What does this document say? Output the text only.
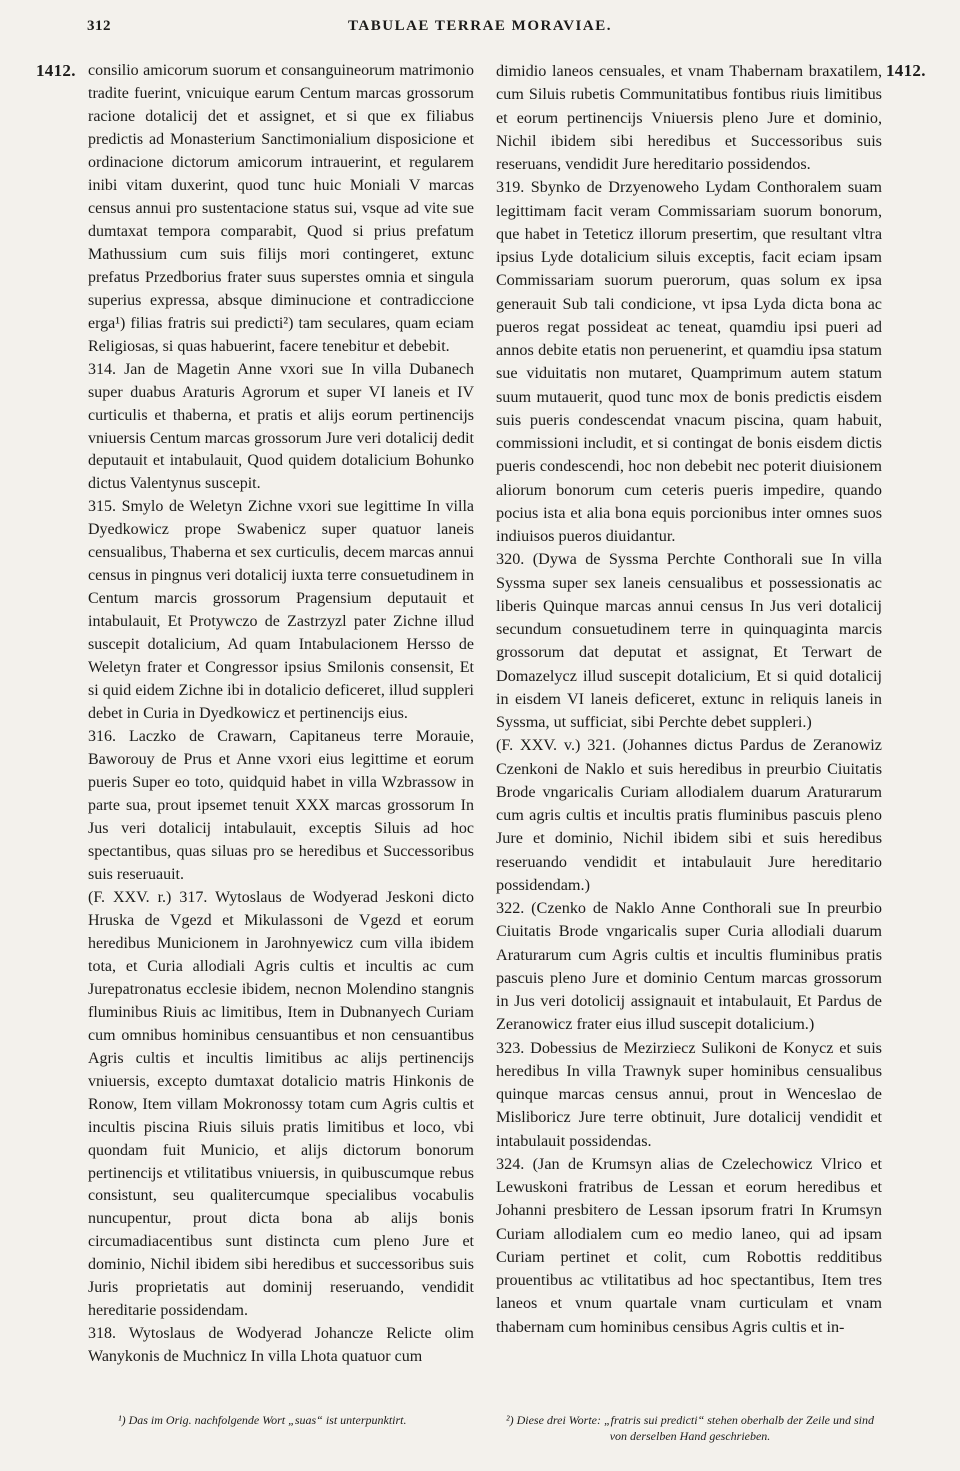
312	TABULAE TERRAE MORAVIAE.
1412.	1412.

consilio amicorum suorum et consanguineorum matrimonio tradite fuerint, vnicuique earum Centum marcas grossorum racione dotalicij det et assignet, et si que ex filiabus predictis ad Monasterium Sanctimonialium disposicione et ordinacione dictorum amicorum intrauerint, et regularem inibi vitam duxerint, quod tunc huic Moniali V marcas census annui pro sustentacione status sui, vsque ad vite sue dumtaxat tempora comparabit, Quod si prius prefatum Mathussium cum suis filijs mori contingeret, extunc prefatus Przedborius frater suus superstes omnia et singula superius expressa, absque diminucione et contradiccione erga¹) filias fratris sui predicti²) tam seculares, quam eciam Religiosas, si quas habuerint, facere tenebitur et debebit.

314. Jan de Magetin Anne vxori sue In villa Dubanech super duabus Araturis Agrorum et super VI laneis et IV curticulis et thaberna, et pratis et alijs eorum pertinencijs vniuersis Centum marcas grossorum Jure veri dotalicij dedit deputauit et intabulauit, Quod quidem dotalicium Bohunko dictus Valentynus suscepit.

315. Smylo de Weletyn Zichne vxori sue legittime In villa Dyedkowicz prope Swabenicz super quatuor laneis censualibus, Thaberna et sex curticulis, decem marcas annui census in pingnus veri dotalicij iuxta terre consuetudinem in Centum marcis grossorum Pragensium deputauit et intabulauit, Et Protywczo de Zastrzyzl pater Zichne illud suscepit dotalicium, Ad quam Intabulacionem Hersso de Weletyn frater et Congressor ipsius Smilonis consensit, Et si quid eidem Zichne ibi in dotalicio deficeret, illud suppleri debet in Curia in Dyedkowicz et pertinencijs eius.

316. Laczko de Crawarn, Capitaneus terre Morauie, Baworouy de Prus et Anne vxori eius legittime et eorum pueris Super eo toto, quidquid habet in villa Wzbrassow in parte sua, prout ipsemet tenuit XXX marcas grossorum In Jus veri dotalicij intabulauit, exceptis Siluis ad hoc spectantibus, quas siluas pro se heredibus et Successoribus suis reseruauit.

(F. XXV. r.) 317. Wytoslaus de Wodyerad Jeskoni dicto Hruska de Vgezd et Mikulassoni de Vgezd et eorum heredibus Municionem in Jarohnyewicz cum villa ibidem tota, et Curia allodiali Agris cultis et incultis ac cum Jurepatronatus ecclesie ibidem, necnon Molendino stangnis fluminibus Riuis ac limitibus, Item in Dubnanyech Curiam cum omnibus hominibus censuantibus et non censuantibus Agris cultis et incultis limitibus ac alijs pertinencijs vniuersis, excepto dumtaxat dotalicio matris Hinkonis de Ronow, Item villam Mokronossy totam cum Agris cultis et incultis piscina Riuis siluis pratis limitibus et loco, vbi quondam fuit Municio, et alijs dictorum bonorum pertinencijs et vtilitatibus vniuersis, in quibuscumque rebus consistunt, seu qualitercumque specialibus vocabulis nuncupentur, prout dicta bona ab alijs bonis circumadiacentibus sunt distincta cum pleno Jure et dominio, Nichil ibidem sibi heredibus et successoribus suis Juris proprietatis aut dominij reseruando, vendidit hereditarie possidendam.

318. Wytoslaus de Wodyerad Johancze Relicte olim Wanykonis de Muchnicz In villa Lhota quatuor cum

dimidio laneos censuales, et vnam Thabernam braxatilem, cum Siluis rubetis Communitatibus fontibus riuis limitibus et eorum pertinencijs Vniuersis pleno Jure et dominio, Nichil ibidem sibi heredibus et Successoribus suis reseruans, vendidit Jure hereditario possidendos.

319. Sbynko de Drzyenoweho Lydam Conthoralem suam legittimam facit veram Commissariam suorum bonorum, que habet in Teteticz illorum presertim, que resultant vltra ipsius Lyde dotalicium siluis exceptis, facit eciam ipsam Commissariam suorum puerorum, quas solum ex ipsa generauit Sub tali condicione, vt ipsa Lyda dicta bona ac pueros regat possideat ac teneat, quamdiu ipsi pueri ad annos debite etatis non peruenerint, et quamdiu ipsa statum sue viduitatis non mutaret, Quamprimum autem statum suum mutauerit, quod tunc mox de bonis predictis eisdem suis pueris condescendat vnacum piscina, quam habuit, commissioni includit, et si contingat de bonis eisdem dictis pueris condescendi, hoc non debebit nec poterit diuisionem aliorum bonorum cum ceteris pueris impedire, quando pocius ista et alia bona equis porcionibus inter omnes suos indiuisos pueros diuidantur.

320. (Dywa de Syssma Perchte Conthorali sue In villa Syssma super sex laneis censualibus et possessionatis ac liberis Quinque marcas annui census In Jus veri dotalicij secundum consuetudinem terre in quinquaginta marcis grossorum dat deputat et assignat, Et Terwart de Domazelycz illud suscepit dotalicium, Et si quid dotalicij in eisdem VI laneis deficeret, extunc in reliquis laneis in Syssma, ut sufficiat, sibi Perchte debet suppleri.)

(F. XXV. v.) 321. (Johannes dictus Pardus de Zeranowiz Czenkoni de Naklo et suis heredibus in preurbio Ciuitatis Brode vngaricalis Curiam allodialem duarum Araturarum cum agris cultis et incultis pratis fluminibus pascuis pleno Jure et dominio, Nichil ibidem sibi et suis heredibus reseruando vendidit et intabulauit Jure hereditario possidendam.)

322. (Czenko de Naklo Anne Conthorali sue In preurbio Ciuitatis Brode vngaricalis super Curia allodiali duarum Araturarum cum Agris cultis et incultis fluminibus pratis pascuis pleno Jure et dominio Centum marcas grossorum in Jus veri dotolicij assignauit et intabulauit, Et Pardus de Zeranowicz frater eius illud suscepit dotalicium.)

323. Dobessius de Mezirziecz Sulikoni de Konycz et suis heredibus In villa Trawnyk super hominibus censualibus quinque marcas census annui, prout in Wenceslao de Misliboricz Jure terre obtinuit, Jure dotalicij vendidit et intabulauit possidendas.

324. (Jan de Krumsyn alias de Czelechowicz Vlrico et Lewuskoni fratribus de Lessan et eorum heredibus et Johanni presbitero de Lessan ipsorum fratri In Krumsyn Curiam allodialem cum eo medio laneo, qui ad ipsam Curiam pertinet et colit, cum Robottis redditibus prouentibus ac vtilitatibus ad hoc spectantibus, Item tres laneos et vnum quartale vnam curticulam et vnam thabernam cum hominibus censibus Agris cultis et in-

¹) Das im Orig. nachfolgende Wort „suas“ ist unterpunktirt.	²) Diese drei Worte: „fratris sui predicti“ stehen oberhalb der Zeile und sind von derselben Hand geschrieben.
